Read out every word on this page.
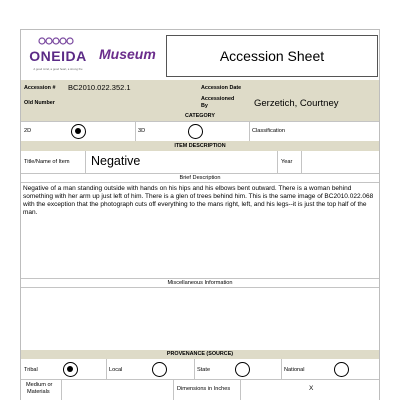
ONEIDA
A good mind, a good heart, a strong fire
Museum	Accession Sheet
Accession # BC2010.022.352.1	Accession Date
Old Number
Accessioned
By	Gerzetich, Courtney
CATEGORY
2D	3D	Classification
ITEM DESCRIPTION
Title/Name of Item Negative	Year
Brief Description
Negative of a man standing outside with hands on his hips and his elbows bent outward. There is a woman behind something with her arm up just left of him. There is a glen of trees behind him. This is the same image of BC2010.022.068 with the exception that the photograph cuts off everything to the mans right, left, and his legs--it is just the top half of the man.
Miscellaneous Information
PROVENANCE (SOURCE)
Tribal	Local	State	National
Medium or
Materials	Dimensions in Inches	X
